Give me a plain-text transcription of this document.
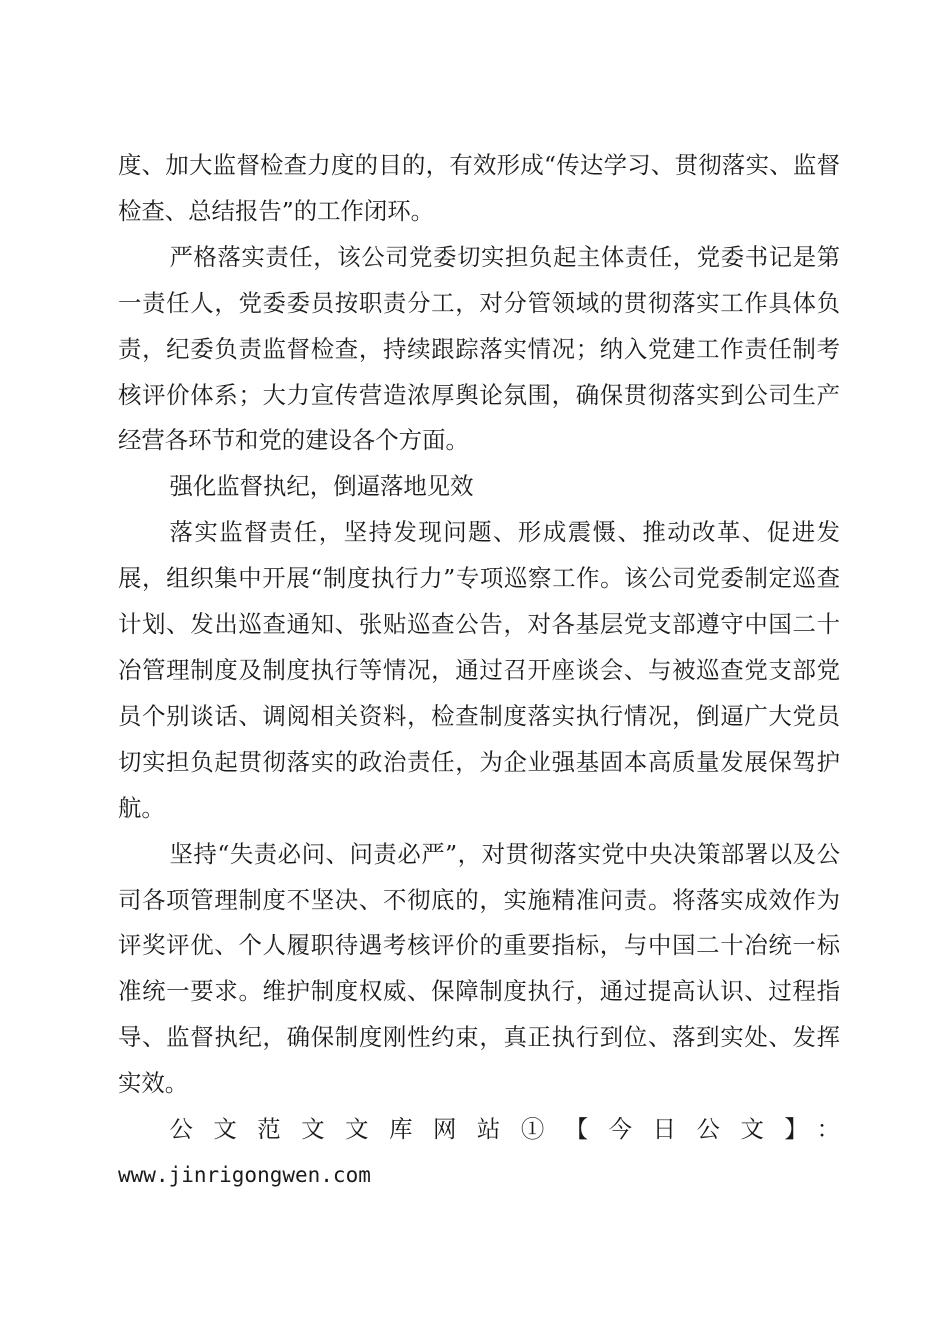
度、加大监督检查力度的目的，有效形成“传达学习、贯彻落实、监督检查、总结报告”的工作闭环。

严格落实责任，该公司党委切实担负起主体责任，党委书记是第一责任人，党委委员按职责分工，对分管领域的贯彻落实工作具体负责，纪委负责监督检查，持续跟踪落实情况；纳入党建工作责任制考核评价体系；大力宣传营造浓厚舆论氛围，确保贯彻落实到公司生产经营各环节和党的建设各个方面。

强化监督执纪，倒逼落地见效

落实监督责任，坚持发现问题、形成震慑、推动改革、促进发展，组织集中开展“制度执行力”专项巡察工作。该公司党委制定巡查计划、发出巡查通知、张贴巡查公告，对各基层党支部遵守中国二十冶管理制度及制度执行等情况，通过召开座谈会、与被巡查党支部党员个别谈话、调阅相关资料，检查制度落实执行情况，倒逼广大党员切实担负起贯彻落实的政治责任，为企业强基固本高质量发展保驾护航。

坚持“失责必问、问责必严”，对贯彻落实党中央决策部署以及公司各项管理制度不坚决、不彻底的，实施精准问责。将落实成效作为评奖评优、个人履职待遇考核评价的重要指标，与中国二十冶统一标准统一要求。维护制度权威、保障制度执行，通过提高认识、过程指导、监督执纪，确保制度刚性约束，真正执行到位、落到实处、发挥实效。

公文范文文库网站①【今日公文】：

www.jinrigongwen.com
